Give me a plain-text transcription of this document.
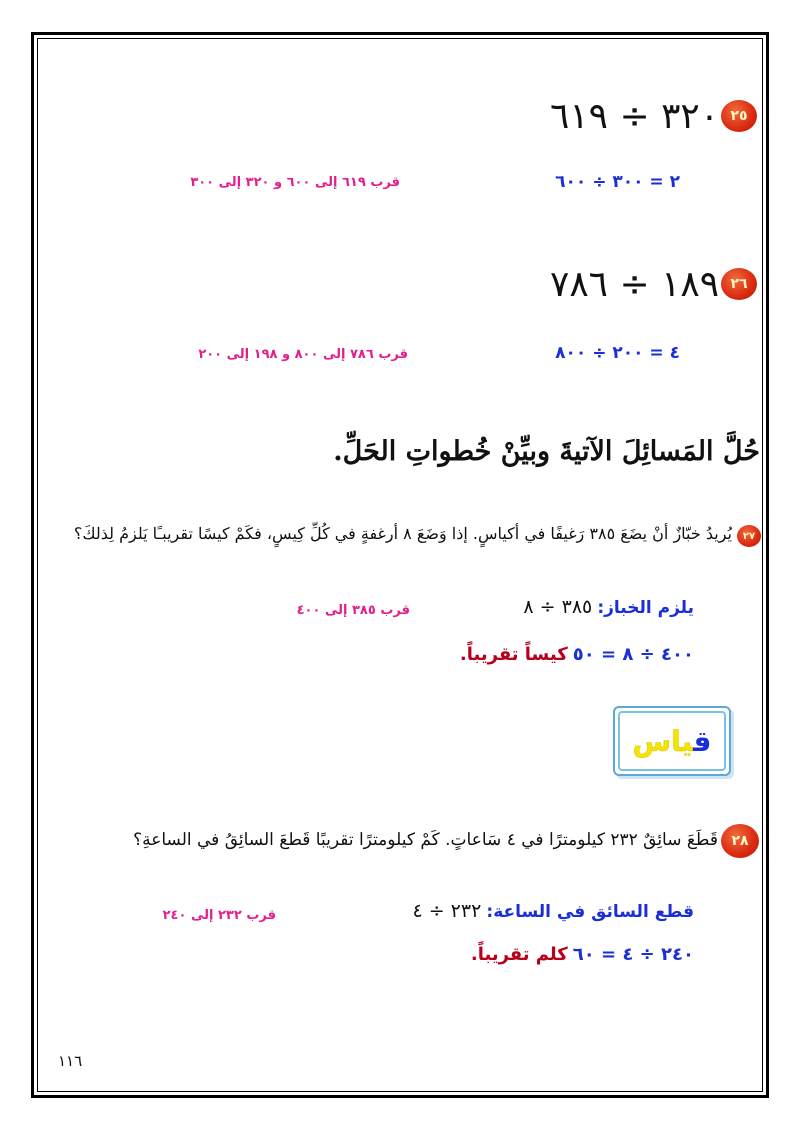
٢٥
٣٢٠ ÷ ٦١٩
٢ = ٣٠٠ ÷ ٦٠٠
قرب ٦١٩ إلى ٦٠٠ و ٣٢٠ إلى ٣٠٠
٢٦
١٨٩ ÷ ٧٨٦
٤ = ٢٠٠ ÷ ٨٠٠
قرب ٧٨٦ إلى ٨٠٠ و ١٩٨ إلى ٢٠٠
حُلَّ المَسائِلَ الآتيةَ وبيِّنْ خُطواتِ الحَلِّ.
٢٧
يُريدُ خبّازٌ أنْ يضَعَ ٣٨٥ رَغيفًا في أكياسٍ. إذا وَضَعَ ٨ أرغفةٍ في كُلِّ كِيسٍ، فكَمْ كيسًا تقريبـًا يَلزمُ لِذلكَ؟
يلزم الخباز: ٣٨٥ ÷ ٨
قرب ٣٨٥ إلى ٤٠٠
٤٠٠ ÷ ٨ = ٥٠ كيساً تقريباً.
قياس
٢٨
قَطَعَ سائِقٌ ٢٣٢ كيلومترًا في ٤ سَاعاتٍ. كَمْ كيلومترًا تقريبًا قَطعَ السائِقُ في الساعةِ؟
قطع السائق في الساعة: ٢٣٢ ÷ ٤
قرب ٢٣٢ إلى ٢٤٠
٢٤٠ ÷ ٤ = ٦٠ كلم تقريباً.
١١٦
